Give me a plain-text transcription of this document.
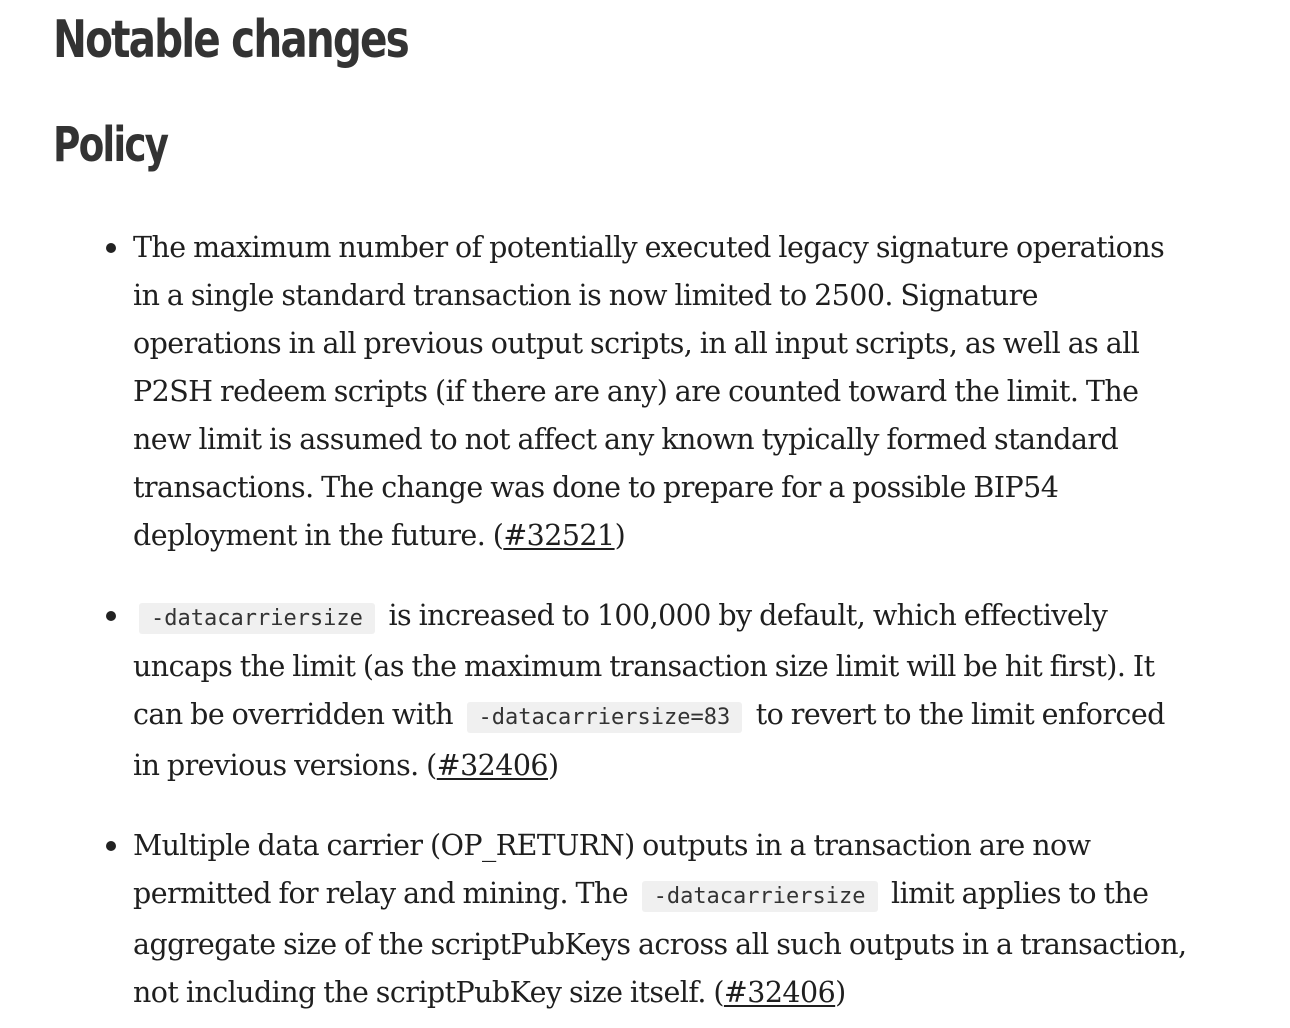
Notable changes
Policy
The maximum number of potentially executed legacy signature operations in a single standard transaction is now limited to 2500. Signature operations in all previous output scripts, in all input scripts, as well as all P2SH redeem scripts (if there are any) are counted toward the limit. The new limit is assumed to not affect any known typically formed standard transactions. The change was done to prepare for a possible BIP54 deployment in the future. (#32521)
-datacarriersize is increased to 100,000 by default, which effectively uncaps the limit (as the maximum transaction size limit will be hit first). It can be overridden with -datacarriersize=83 to revert to the limit enforced in previous versions. (#32406)
Multiple data carrier (OP_RETURN) outputs in a transaction are now permitted for relay and mining. The -datacarriersize limit applies to the aggregate size of the scriptPubKeys across all such outputs in a transaction, not including the scriptPubKey size itself. (#32406)
